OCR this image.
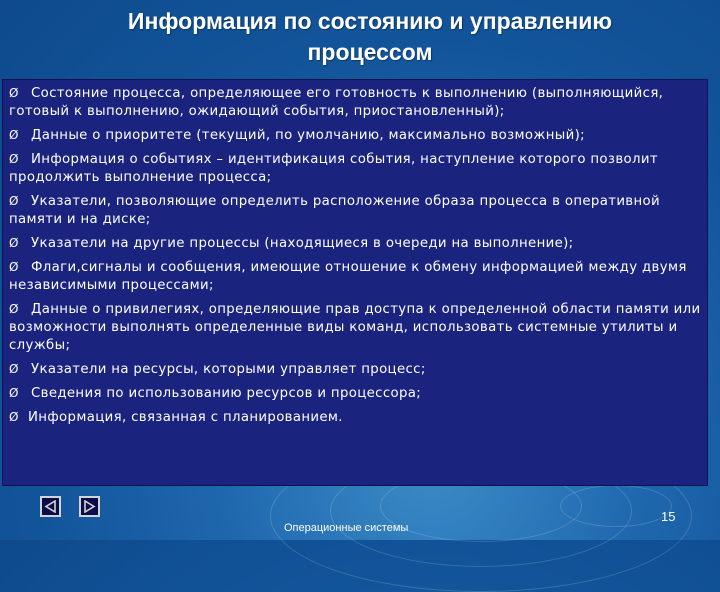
Информация по состоянию и управлению
процессом

Ø Состояние процесса, определяющее его готовность к выполнению (выполняющийся, готовый к выполнению, ожидающий события, приостановленный);

Ø Данные о приоритете (текущий, по умолчанию, максимально возможный);

Ø Информация о событиях – идентификация события, наступление которого позволит продолжить выполнение процесса;

Ø Указатели, позволяющие определить расположение образа процесса в оперативной памяти и на диске;

Ø Указатели на другие процессы (находящиеся в очереди на выполнение);

Ø Флаги,сигналы и сообщения, имеющие отношение к обмену информацией между двумя независимыми процессами;

Ø Данные о привилегиях, определяющие прав доступа к определенной области памяти или возможности выполнять определенные виды команд, использовать системные утилиты и службы;

Ø Указатели на ресурсы, которыми управляет процесс;

Ø Сведения по использованию ресурсов и процессора;

Ø Информация, связанная с планированием.

Операционные системы
15
